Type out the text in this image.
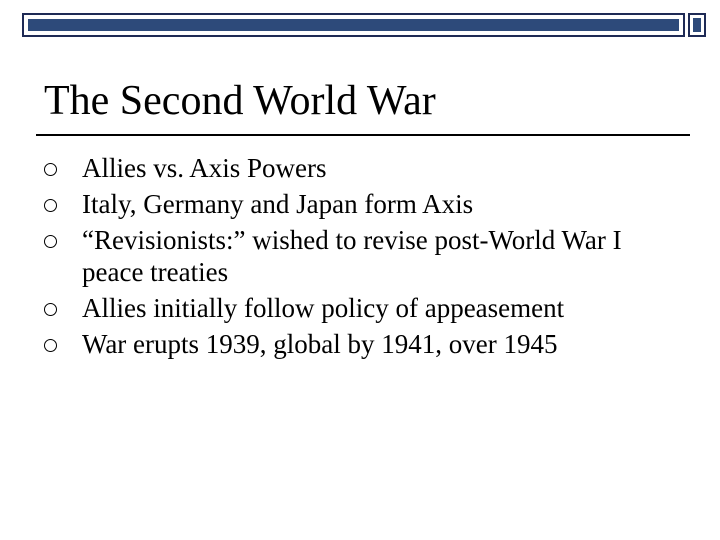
The Second World War
Allies vs. Axis Powers
Italy, Germany and Japan form Axis
“Revisionists:” wished to revise post-World War I peace treaties
Allies initially follow policy of appeasement
War erupts 1939, global by 1941, over 1945
